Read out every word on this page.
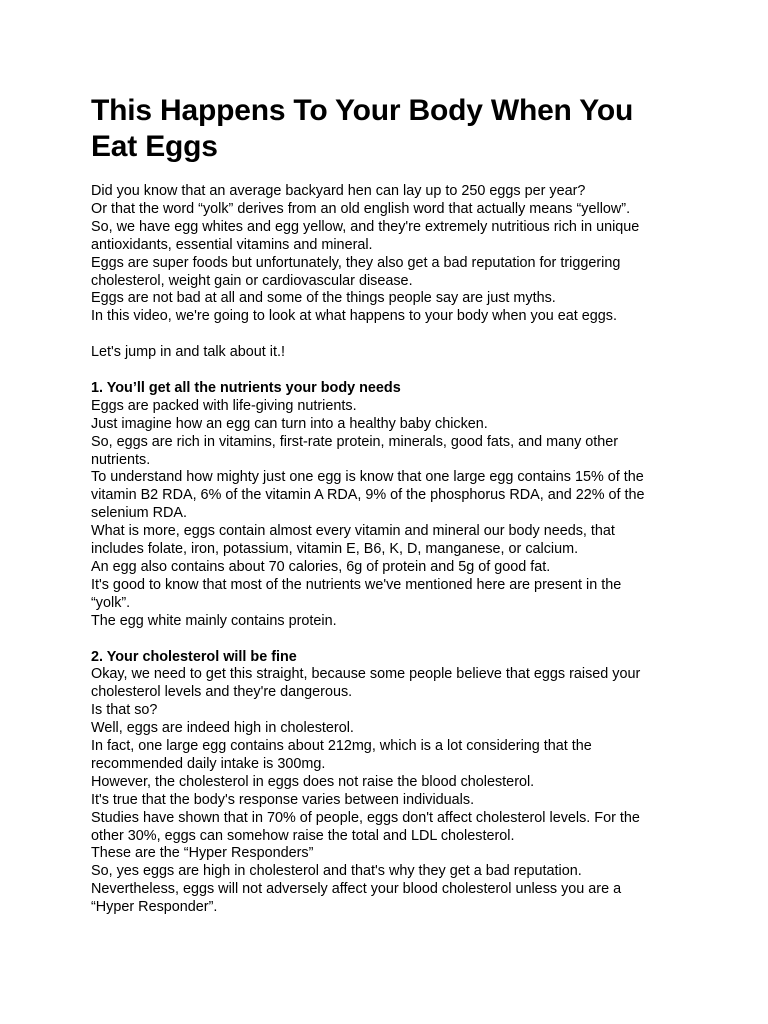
This Happens To Your Body When You
Eat Eggs
Did you know that an average backyard hen can lay up to 250 eggs per year?
Or that the word “yolk” derives from an old english word that actually means “yellow”.
So, we have egg whites and egg yellow, and they're extremely nutritious rich in unique
antioxidants, essential vitamins and mineral.
Eggs are super foods but unfortunately, they also get a bad reputation for triggering
cholesterol, weight gain or cardiovascular disease.
Eggs are not bad at all and some of the things people say are just myths.
In this video, we're going to look at what happens to your body when you eat eggs.
Let's jump in and talk about it.!
1. You’ll get all the nutrients your body needs
Eggs are packed with life-giving nutrients.
Just imagine how an egg can turn into a healthy baby chicken.
So, eggs are rich in vitamins, first-rate protein, minerals, good fats, and many other
nutrients.
To understand how mighty just one egg is know that one large egg contains 15% of the
vitamin B2 RDA, 6% of the vitamin A RDA, 9% of the phosphorus RDA, and 22% of the
selenium RDA.
What is more, eggs contain almost every vitamin and mineral our body needs, that
includes folate, iron, potassium, vitamin E, B6, K, D, manganese, or calcium.
An egg also contains about 70 calories, 6g of protein and 5g of good fat.
It's good to know that most of the nutrients we've mentioned here are present in the
“yolk”.
The egg white mainly contains protein.
2. Your cholesterol will be fine
Okay, we need to get this straight, because some people believe that eggs raised your
cholesterol levels and they're dangerous.
Is that so?
Well, eggs are indeed high in cholesterol.
In fact, one large egg contains about 212mg, which is a lot considering that the
recommended daily intake is 300mg.
However, the cholesterol in eggs does not raise the blood cholesterol.
It's true that the body's response varies between individuals.
Studies have shown that in 70% of people, eggs don't affect cholesterol levels. For the
other 30%, eggs can somehow raise the total and LDL cholesterol.
These are the “Hyper Responders”
So, yes eggs are high in cholesterol and that's why they get a bad reputation.
Nevertheless, eggs will not adversely affect your blood cholesterol unless you are a
“Hyper Responder”.
